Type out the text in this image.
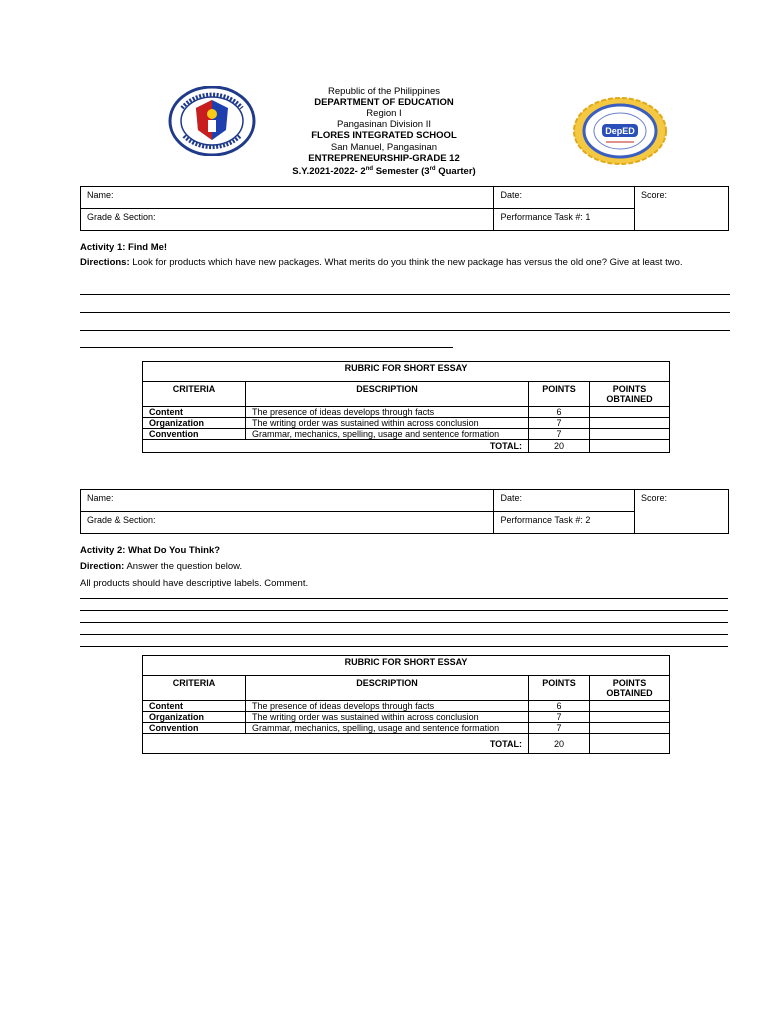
Republic of the Philippines
DEPARTMENT OF EDUCATION
Region I
Pangasinan Division II
FLORES INTEGRATED SCHOOL
San Manuel, Pangasinan
ENTREPRENEURSHIP-GRADE 12
S.Y.2021-2022- 2nd Semester (3rd Quarter)
DepED
Name:	Date:	Score:
Grade & Section:	Performance Task #: 1	
Activity 1: Find Me!
Directions: Look for products which have new packages. What merits do you think the new package has versus the old one? Give at least two.
RUBRIC FOR SHORT ESSAY			
CRITERIA	DESCRIPTION	POINTS	POINTS OBTAINED
Content	The presence of ideas develops through facts	6	
Organization	The writing order was sustained within across conclusion	7	
Convention	Grammar, mechanics, spelling, usage and sentence formation	7	
TOTAL:		20	
Name:	Date:	Score:
Grade & Section:	Performance Task #: 2	
Activity 2: What Do You Think?
Direction: Answer the question below.
All products should have descriptive labels. Comment.
RUBRIC FOR SHORT ESSAY			
CRITERIA	DESCRIPTION	POINTS	POINTS OBTAINED
Content	The presence of ideas develops through facts	6	
Organization	The writing order was sustained within across conclusion	7	
Convention	Grammar, mechanics, spelling, usage and sentence formation	7	
TOTAL:		20	
